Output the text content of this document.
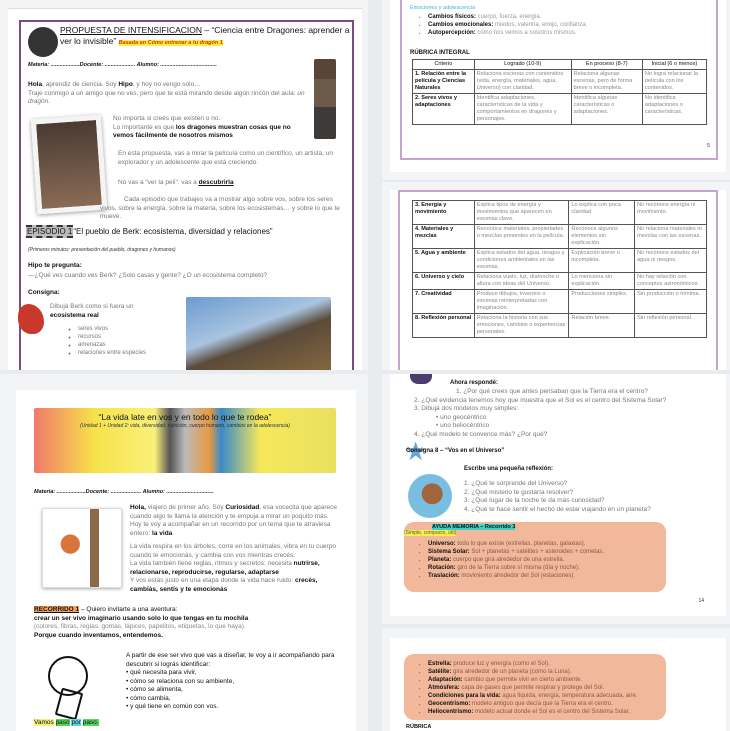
PROPUESTA DE INTENSIFICACION – “Ciencia entre Dragones: aprender a ver lo invisible” Basada en Cómo entrenar a tu dragón 1
Materia: ...................Docente: .................... Alumno: .....................................
Hola, aprendiz de ciencia. Soy Hipo, y hoy no vengo solo…
Traje conmigo a un amigo que no ves, pero que te está mirando desde algún rincón del aula: un dragón.
No importa si creés que existen o no.
Lo importante es que los dragones muestran cosas que no vemos fácilmente de nosotros mismos
En esta propuesta, vas a mirar la película como un científico, un artista, un explorador y un adolescente que está creciendo.
No vas a “ver la peli”: vas a descubrirla
Cada episodio que trabajes va a mostrar algo sobre vos, sobre los seres vivos, sobre la energía, sobre la materia, sobre los ecosistemas… y sobre lo que te mueve.
EPISODIO 1“El pueblo de Berk: ecosistema, diversidad y relaciones”
(Primeros minutos: presentación del pueblo, dragones y humanos)
Hipo te pregunta:
—¿Qué ves cuando ves Berk? ¿Solo casas y gente? ¿O un ecosistema completo?
Consigna:
Dibujá Berk como si fuera un ecosistema real
◦ seres vivos
◦ recursos
◦ amenazas
◦ relaciones entre especies
Emociones y adolescencia
• Cambios físicos: cuerpo, fuerza, energía.
• Cambios emocionales: miedos, valentía, enojo, confianza.
• Autopercepción: cómo nos vemos a nosotros mismos.
RÚBRICA INTEGRAL
Criterio	Logrado (10-9)	En proceso (8-7)	Inicial (6 o menos)
1. Relación entre la película y Ciencias Naturales	Relaciona escenas con contenidos (vida, energía, materiales, agua, Universo) con claridad.	Relaciona algunas escenas, pero de forma breve o incompleta.	No logra relacionar la película con los contenidos.
2. Seres vivos y adaptaciones	Identifica adaptaciones, características de la vida y comportamientos en dragones y personajes.	Identifica algunas características o adaptaciones.	No identifica adaptaciones o características.
5
3. Energía y movimiento	Explica tipos de energía y movimientos que aparecen en escenas clave.	Lo explica con poca claridad.	No reconoce energía ni movimiento.
4. Materiales y mezclas	Reconoce materiales, propiedades o mezclas presentes en la película.	Reconoce algunos elementos sin explicación.	No relaciona materiales ni mezclas con las escenas.
5. Agua y ambiente	Explica estados del agua, riesgos y condiciones ambientales en las escenas.	Explicación breve o incompleta.	No reconoce estados del agua ni riesgos.
6. Universo y cielo	Relaciona vuelo, luz, día/noche o altura con ideas del Universo.	Lo menciona sin explicación.	No hay relación con conceptos astronómicos.
7. Creatividad	Produce dibujos, inventos o escenas reinterpretadas con imaginación.	Producciones simples.	Sin producción o mínima.
8. Reflexión personal	Relaciona la historia con sus emociones, cambios o experiencias personales.	Relación breve.	Sin reflexión personal.
“La vida late en vos y en todo lo que te rodea”
(Unidad 1 + Unidad 2: vida, diversidad, nutrición, cuerpo humano, cambios en la adolescencia)
Materia: ...................Docente: .................... Alumno: ...............................
Hola, viajero de primer año. Soy Curiosidad, esa vocecita que aparece cuando algo te llama la atención y te empuja a mirar un poquito más. Hoy te voy a acompañar en un recorrido por un tema que te atraviesa entero: la vida
La vida respira en los árboles, corre en los animales, vibra en tu cuerpo cuando te emocionás, y cambia con vos mientras crecés.
La vida también tiene reglas, ritmos y secretos: necesita nutrirse, relacionarse, reproducirse, regularse, adaptarse
Y vos estás justo en una etapa donde la vida hace ruido: crecés, cambiás, sentís y te emocionás
RECORRIDO 1 – Quiero invitarte a una aventura:
crear un ser vivo imaginario usando solo lo que tengas en tu mochila
(colores, fibras, reglas, gomas, lápices, papelitos, etiquetas, lo que haya).
Porque cuando inventamos, entendemos.
A partir de ese ser vivo que vas a diseñar, te voy a ir acompañando para descubrir si lográs identificar:
• qué necesita para vivir,
• cómo se relaciona con su ambiente,
• cómo se alimenta,
• cómo cambia,
• y qué tiene en común con vos.
Vamos paso por paso.
Ahora respondé:
1. ¿Por qué crees que antes pensaban que la Tierra era el centro?
2. ¿Qué evidencia tenemos hoy que muestra que el Sol es el centro del Sistema Solar?
3. Dibujá dos modelos muy simples:
• uno geocéntrico
• uno heliocéntrico
4. ¿Qué modelo te convence más? ¿Por qué?
★
Consigna 8 – “Vos en el Universo”
Escribe una pequeña reflexión:
1. ¿Qué te sorprende del Universo?
2. ¿Qué misterio te gustaría resolver?
3. ¿Qué lugar de la noche te da más curiosidad?
4. ¿Qué te hace sentir el hecho de estar viajando en un planeta?
AYUDA MEMORIA – Recorrido 3
(Simple, compacto, útil)
• Universo: todo lo que existe (estrellas, planetas, galaxias).
• Sistema Solar: Sol + planetas + satélites + asteroides + cometas.
• Planeta: cuerpo que gira alrededor de una estrella.
• Rotación: giro de la Tierra sobre sí misma (día y noche).
• Traslación: movimiento alrededor del Sol (estaciones).
14
• Estrella: produce luz y energía (como el Sol).
• Satélite: gira alrededor de un planeta (como la Luna).
• Adaptación: cambio que permite vivir en cierto ambiente.
• Atmósfera: capa de gases que permite respirar y protege del Sol.
• Condiciones para la vida: agua líquida, energía, temperatura adecuada, aire.
• Geocentrismo: modelo antiguo que decía que la Tierra era el centro.
• Heliocentrismo: modelo actual donde el Sol es el centro del Sistema Solar.
RÚBRICA
